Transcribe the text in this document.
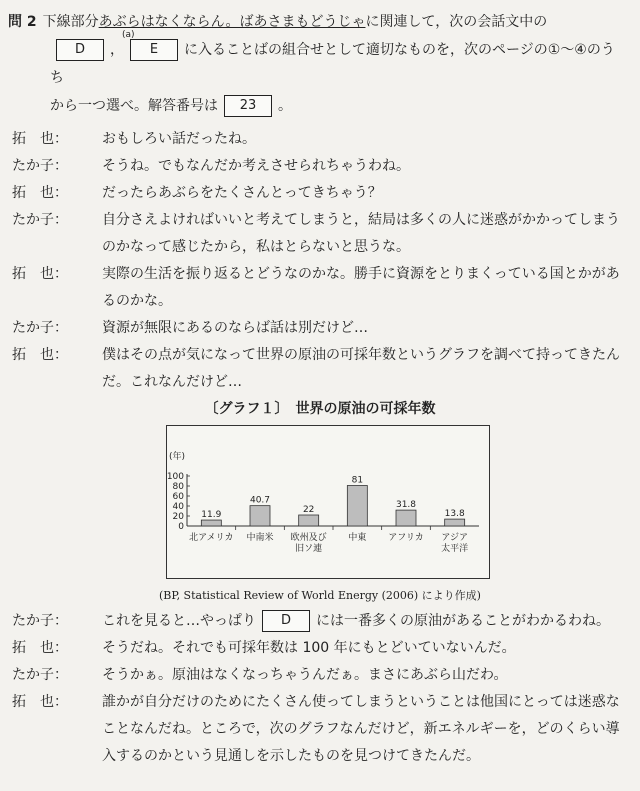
問 2 下線部分あぶらはなくならん。ばあさまもどうじゃに関連して，次の会話文中の
D ， E に入ることばの組合せとして適切なものを，次のページの①～④のうち
から一つ選べ。解答番号は 23 。
(a)
拓　也：	おもしろい話だったね。
たか子：	そうね。でもなんだか考えさせられちゃうわね。
拓　也：	だったらあぶらをたくさんとってきちゃう？
たか子：	自分さえよければいいと考えてしまうと，結局は多くの人に迷惑がかかってしまう
のかなって感じたから，私はとらないと思うな。
拓　也：	実際の生活を振り返るとどうなのかな。勝手に資源をとりまくっている国とかがあ
るのかな。
たか子：	資源が無限にあるのならば話は別だけど…
拓　也：	僕はその点が気になって世界の原油の可採年数というグラフを調べて持ってきたん
だ。これなんだけど…
〔グラフ１〕　世界の原油の可採年数
(年)
100
80
60
40
20
0
11.9
北アメリカ
40.7
中南米
22
欧州及び
旧ソ連
81
中東
31.8
アフリカ
13.8
アジア
太平洋
(BP, Statistical Review of World Energy (2006) により作成)
たか子：	これを見ると…やっぱり D には一番多くの原油があることがわかるわね。
拓　也：	そうだね。それでも可採年数は 100 年にもとどいていないんだ。
たか子：	そうかぁ。原油はなくなっちゃうんだぁ。まさにあぶら山だわ。
拓　也：	誰かが自分だけのためにたくさん使ってしまうということは他国にとっては迷惑な
ことなんだね。ところで，次のグラフなんだけど，新エネルギーを，どのくらい導
入するのかという見通しを示したものを見つけてきたんだ。
